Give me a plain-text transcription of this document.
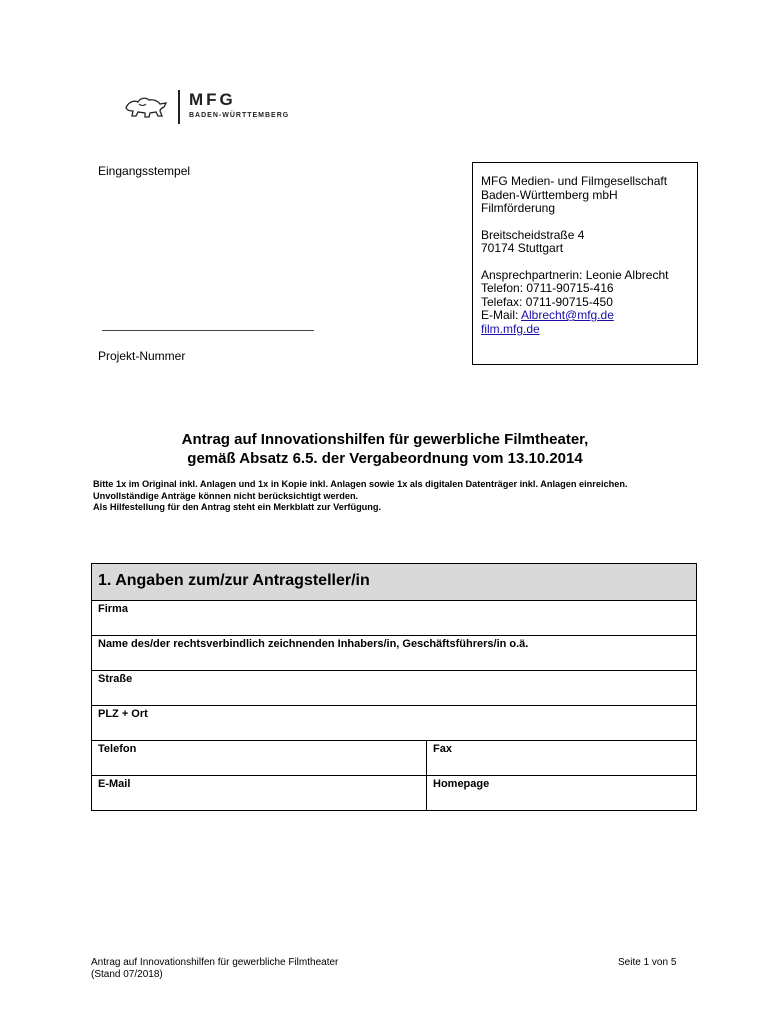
MFG
BADEN-WÜRTTEMBERG
Eingangsstempel
Projekt-Nummer
MFG Medien- und Filmgesellschaft
Baden-Württemberg mbH
Filmförderung
Breitscheidstraße 4
70174 Stuttgart
Ansprechpartnerin: Leonie Albrecht
Telefon: 0711-90715-416
Telefax: 0711-90715-450
E-Mail: Albrecht@mfg.de
film.mfg.de
Antrag auf Innovationshilfen für gewerbliche Filmtheater,
gemäß Absatz 6.5. der Vergabeordnung vom 13.10.2014
Bitte 1x im Original inkl. Anlagen und 1x in Kopie inkl. Anlagen sowie 1x als digitalen Datenträger inkl. Anlagen einreichen.
Unvollständige Anträge können nicht berücksichtigt werden.
Als Hilfestellung für den Antrag steht ein Merkblatt zur Verfügung.
1. Angaben zum/zur Antragsteller/in	
Firma	
Name des/der rechtsverbindlich zeichnenden Inhabers/in, Geschäftsführers/in o.ä.	
Straße	
PLZ + Ort	
Telefon	Fax
E-Mail	Homepage
Antrag auf Innovationshilfen für gewerbliche Filmtheater
(Stand 07/2018)
Seite 1 von 5
